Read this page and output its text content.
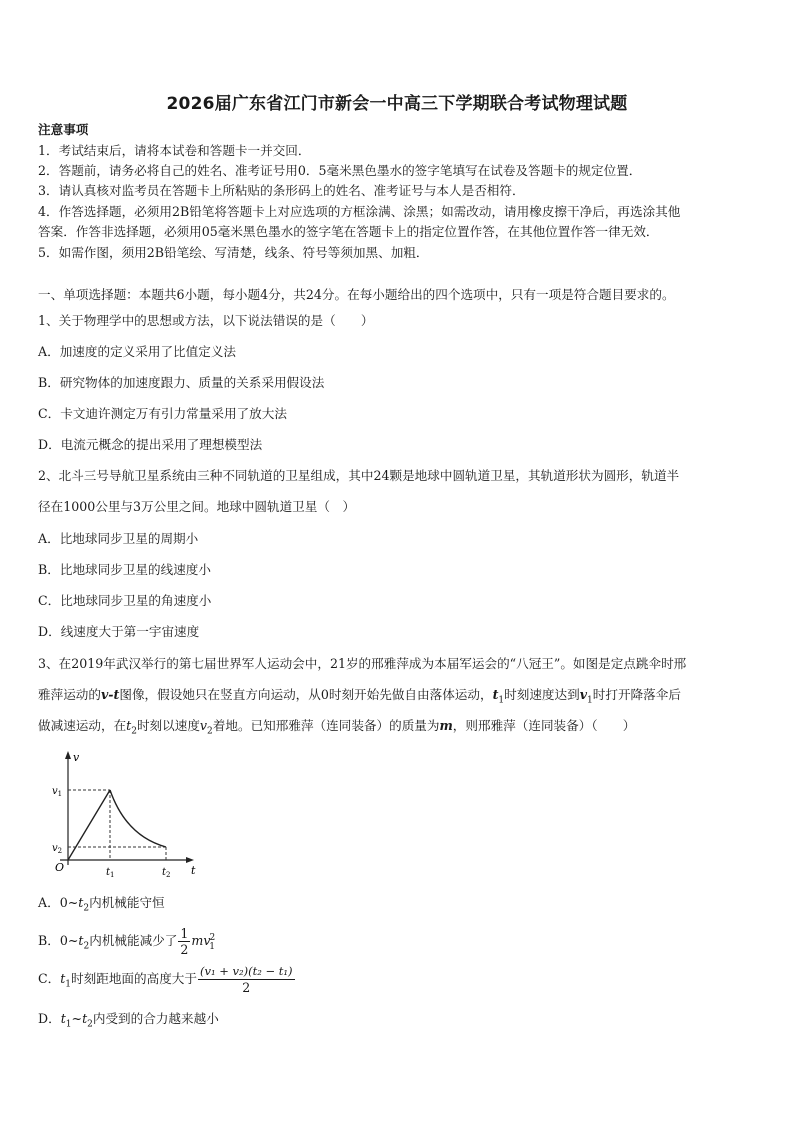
2026届广东省江门市新会一中高三下学期联合考试物理试题
注意事项
1．考试结束后，请将本试卷和答题卡一并交回．
2．答题前，请务必将自己的姓名、准考证号用0．5毫米黑色墨水的签字笔填写在试卷及答题卡的规定位置．
3．请认真核对监考员在答题卡上所粘贴的条形码上的姓名、准考证号与本人是否相符．
4．作答选择题，必须用2B铅笔将答题卡上对应选项的方框涂满、涂黑；如需改动，请用橡皮擦干净后，再选涂其他
答案．作答非选择题，必须用05毫米黑色墨水的签字笔在答题卡上的指定位置作答，在其他位置作答一律无效．
5．如需作图，须用2B铅笔绘、写清楚，线条、符号等须加黑、加粗．
一、单项选择题：本题共6小题，每小题4分，共24分。在每小题给出的四个选项中，只有一项是符合题目要求的。
1、关于物理学中的思想或方法，以下说法错误的是（　　）
A．加速度的定义采用了比值定义法
B．研究物体的加速度跟力、质量的关系采用假设法
C．卡文迪许测定万有引力常量采用了放大法
D．电流元概念的提出采用了理想模型法
2、北斗三号导航卫星系统由三种不同轨道的卫星组成，其中24颗是地球中圆轨道卫星，其轨道形状为圆形，轨道半
径在1000公里与3万公里之间。地球中圆轨道卫星（　）
A．比地球同步卫星的周期小
B．比地球同步卫星的线速度小
C．比地球同步卫星的角速度小
D．线速度大于第一宇宙速度
3、在2019年武汉举行的第七届世界军人运动会中，21岁的邢雅萍成为本届军运会的“八冠王”。如图是定点跳伞时邢
雅萍运动的v-t图像，假设她只在竖直方向运动，从0时刻开始先做自由落体运动，$t_1$时刻速度达到$v_1$时打开降落伞后
做减速运动，在$t_2$时刻以速度$v_2$着地。已知邢雅萍（连同装备）的质量为m，则邢雅萍（连同装备）（　　）
v
t
$v_1$
$v_2$
O	$t_1$	$t_2$
A．$0\sim t_2$内机械能守恒
B．$0\sim t_2$内机械能减少了 $\frac{1}{2} mv^2_1$
C．$t_1$时刻距地面的高度大于 $\frac{\text{(v₁ + v₂)(t₂ − t₁)}}{2}$
D．$t_1\sim t_2$内受到的合力越来越小
